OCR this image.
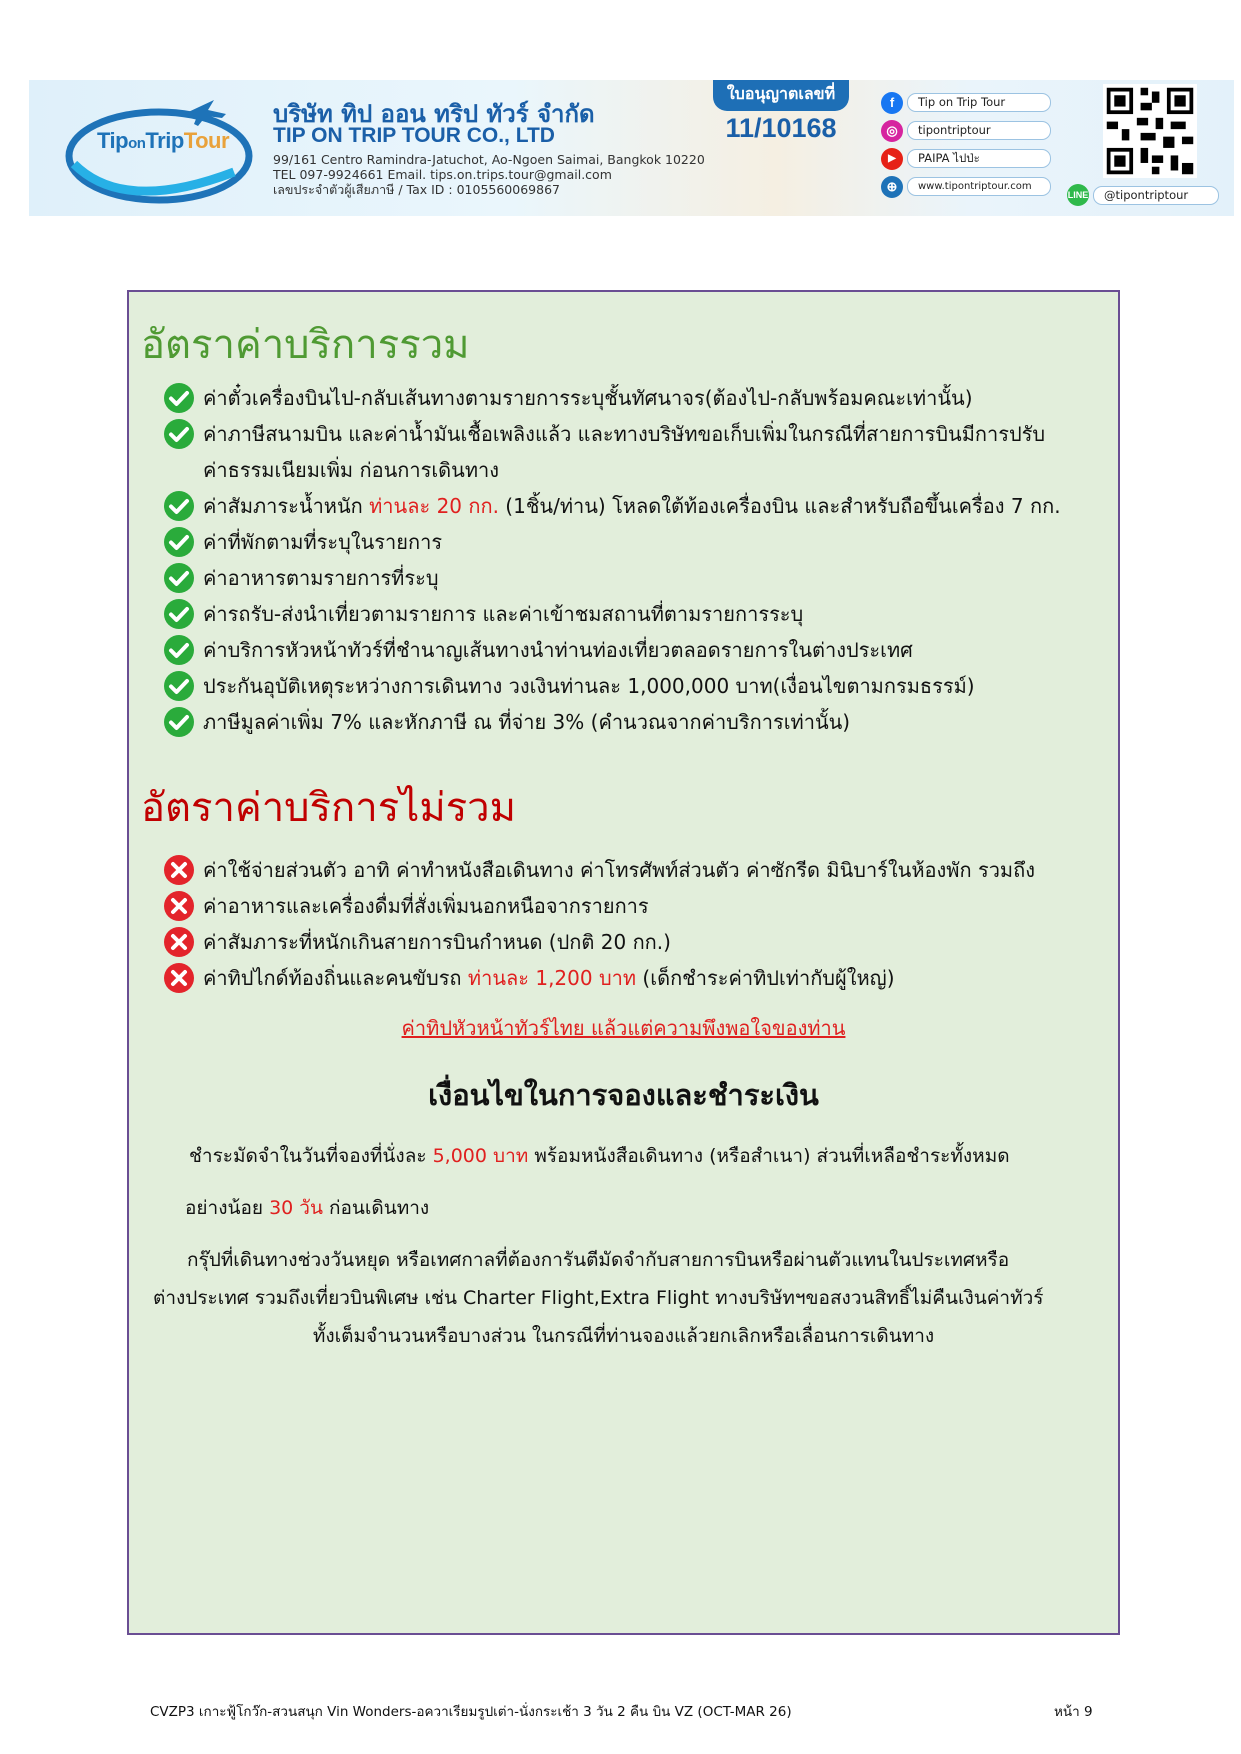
TiponTripTour
บริษัท ทิป ออน ทริป ทัวร์ จำกัด
TIP ON TRIP TOUR CO., LTD
99/161 Centro Ramindra-Jatuchot, Ao-Ngoen Saimai, Bangkok 10220
TEL 097-9924661 Email. tips.on.trips.tour@gmail.com
เลขประจำตัวผู้เสียภาษี / Tax ID : 0105560069867
ใบอนุญาตเลขที่
11/10168
f	Tip on Trip Tour
◎	tipontriptour
▶	PAIPA ไปป่ะ
⊕	www.tipontriptour.com
LINE	@tipontriptour
อัตราค่าบริการรวม
ค่าตั๋วเครื่องบินไป-กลับเส้นทางตามรายการระบุชั้นทัศนาจร(ต้องไป-กลับพร้อมคณะเท่านั้น)
ค่าภาษีสนามบิน และค่าน้ำมันเชื้อเพลิงแล้ว และทางบริษัทขอเก็บเพิ่มในกรณีที่สายการบินมีการปรับ
ค่าธรรมเนียมเพิ่ม ก่อนการเดินทาง
ค่าสัมภาระน้ำหนัก ท่านละ 20 กก. (1ชิ้น/ท่าน) โหลดใต้ท้องเครื่องบิน และสำหรับถือขึ้นเครื่อง 7 กก.
ค่าที่พักตามที่ระบุในรายการ
ค่าอาหารตามรายการที่ระบุ
ค่ารถรับ-ส่งนำเที่ยวตามรายการ และค่าเข้าชมสถานที่ตามรายการระบุ
ค่าบริการหัวหน้าทัวร์ที่ชำนาญเส้นทางนำท่านท่องเที่ยวตลอดรายการในต่างประเทศ
ประกันอุบัติเหตุระหว่างการเดินทาง วงเงินท่านละ 1,000,000 บาท(เงื่อนไขตามกรมธรรม์)
ภาษีมูลค่าเพิ่ม 7% และหักภาษี ณ ที่จ่าย 3% (คำนวณจากค่าบริการเท่านั้น)
อัตราค่าบริการไม่รวม
ค่าใช้จ่ายส่วนตัว อาทิ ค่าทำหนังสือเดินทาง ค่าโทรศัพท์ส่วนตัว ค่าซักรีด มินิบาร์ในห้องพัก รวมถึง
ค่าอาหารและเครื่องดื่มที่สั่งเพิ่มนอกหนือจากรายการ
ค่าสัมภาระที่หนักเกินสายการบินกำหนด (ปกติ 20 กก.)
ค่าทิปไกด์ท้องถิ่นและคนขับรถ ท่านละ 1,200 บาท (เด็กชำระค่าทิปเท่ากับผู้ใหญ่)
ค่าทิปหัวหน้าทัวร์ไทย แล้วแต่ความพึงพอใจของท่าน
เงื่อนไขในการจองและชำระเงิน
ชำระมัดจำในวันที่จองที่นั่งละ 5,000 บาท พร้อมหนังสือเดินทาง (หรือสำเนา) ส่วนที่เหลือชำระทั้งหมด
อย่างน้อย 30 วัน ก่อนเดินทาง
กรุ๊ปที่เดินทางช่วงวันหยุด หรือเทศกาลที่ต้องการันตีมัดจำกับสายการบินหรือผ่านตัวแทนในประเทศหรือ
ต่างประเทศ รวมถึงเที่ยวบินพิเศษ เช่น Charter Flight,Extra Flight ทางบริษัทฯขอสงวนสิทธิ์ไม่คืนเงินค่าทัวร์
ทั้งเต็มจำนวนหรือบางส่วน ในกรณีที่ท่านจองแล้วยกเลิกหรือเลื่อนการเดินทาง
CVZP3 เกาะฟู้โกว๊ก-สวนสนุก Vin Wonders-อควาเรียมรูปเต่า-นั่งกระเช้า 3 วัน 2 คืน บิน VZ (OCT-MAR 26)	หน้า 9
